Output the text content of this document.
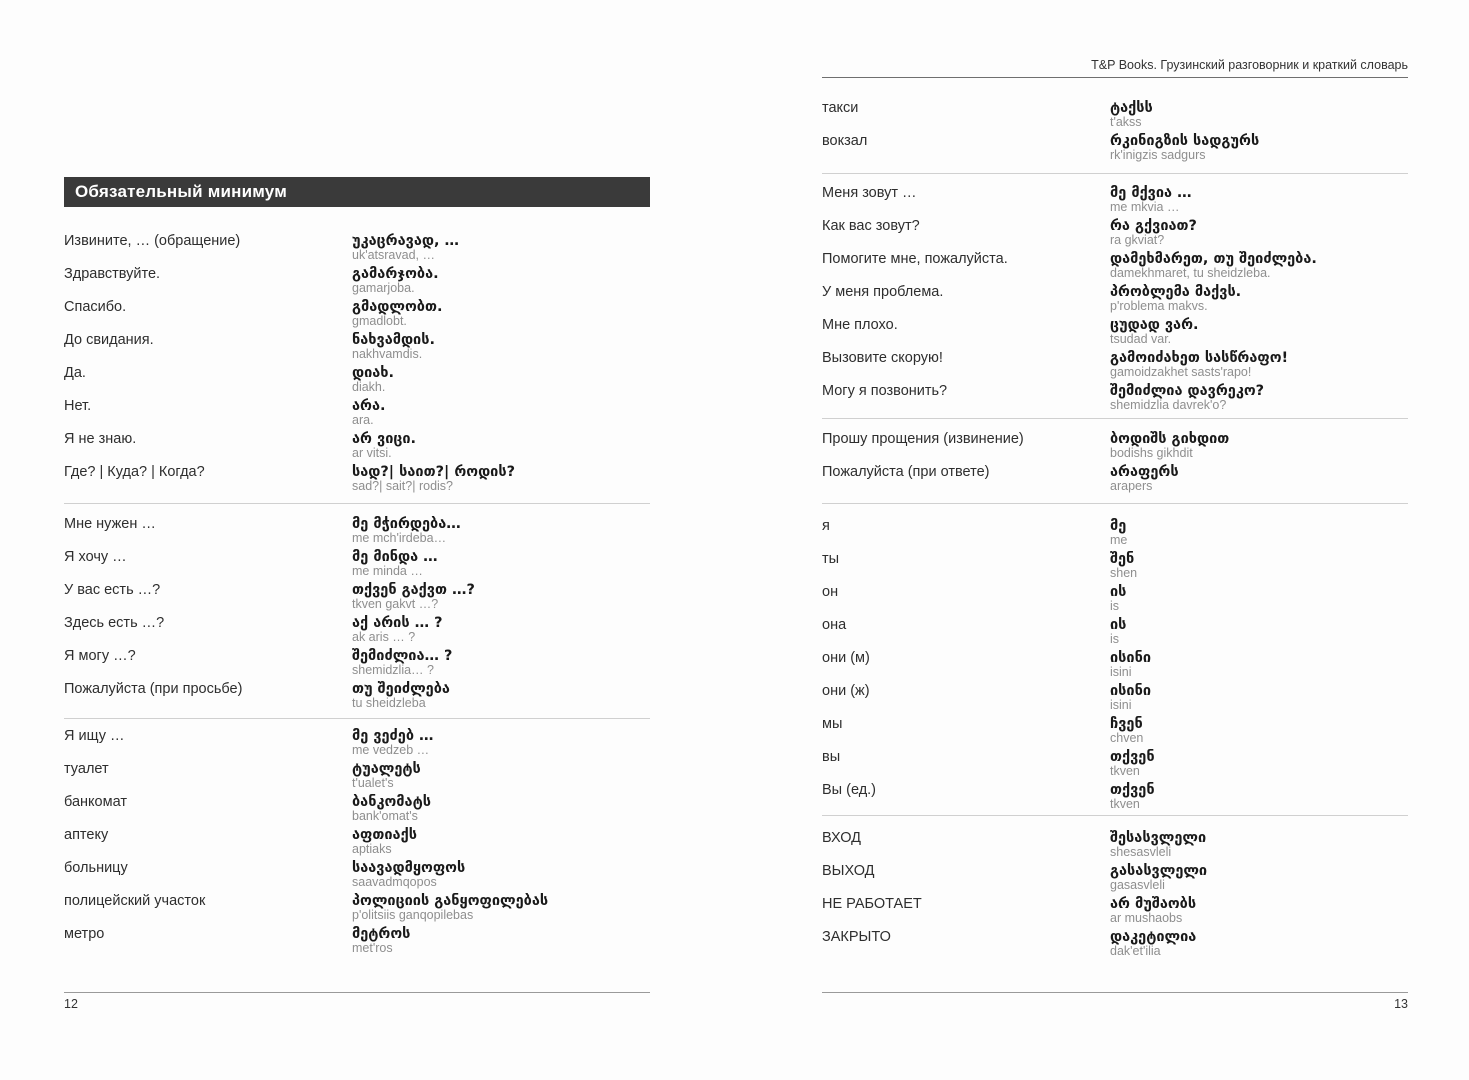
Обязательный минимум
Извините, … (обращение)	უკაცრავად, …
uk'atsravad, …
Здравствуйте.	გამარჯობა.
gamarjoba.
Спасибо.	გმადლობთ.
gmadlobt.
До свидания.	ნახვამდის.
nakhvamdis.
Да.	დიახ.
diakh.
Нет.	არა.
ara.
Я не знаю.	არ ვიცი.
ar vitsi.
Где? | Куда? | Когда?	სად?| საით?| როდის?
sad?| sait?| rodis?
Мне нужен …	მე მჭირდება…
me mch'irdeba…
Я хочу …	მე მინდა …
me minda …
У вас есть …?	თქვენ გაქვთ …?
tkven gakvt …?
Здесь есть …?	აქ არის … ?
ak aris … ?
Я могу …?	შემიძლია… ?
shemidzlia… ?
Пожалуйста (при просьбе)	თუ შეიძლება
tu sheidzleba
Я ищу …	მე ვეძებ …
me vedzeb …
туалет	ტუალეტს
t'ualet's
банкомат	ბანკომატს
bank'omat's
аптеку	აფთიაქს
aptiaks
больницу	საავადმყოფოს
saavadmqopos
полицейский участок	პოლიციის განყოფილებას
p'olitsiis ganqopilebas
метро	მეტროს
met'ros
T&P Books. Грузинский разговорник и краткий словарь
такси	ტაქსს
t'akss
вокзал	რკინიგზის სადგურს
rk'inigzis sadgurs
Меня зовут …	მე მქვია …
me mkvia …
Как вас зовут?	რა გქვიათ?
ra gkviat?
Помогите мне, пожалуйста.	დამეხმარეთ, თუ შეიძლება.
damekhmaret, tu sheidzleba.
У меня проблема.	პრობლემა მაქვს.
p'roblema makvs.
Мне плохо.	ცუდად ვარ.
tsudad var.
Вызовите скорую!	გამოიძახეთ სასწრაფო!
gamoidzakhet sasts'rapo!
Могу я позвонить?	შემიძლია დავრეკო?
shemidzlia davrek'o?
Прошу прощения (извинение)	ბოდიშს გიხდით
bodishs gikhdit
Пожалуйста (при ответе)	არაფერს
arapers
я	მე
me
ты	შენ
shen
он	ის
is
она	ის
is
они (м)	ისინი
isini
они (ж)	ისინი
isini
мы	ჩვენ
chven
вы	თქვენ
tkven
Вы (ед.)	თქვენ
tkven
ВХОД	შესასვლელი
shesasvleli
ВЫХОД	გასასვლელი
gasasvleli
НЕ РАБОТАЕТ	არ მუშაობს
ar mushaobs
ЗАКРЫТО	დაკეტილია
dak'et'ilia
12	13
